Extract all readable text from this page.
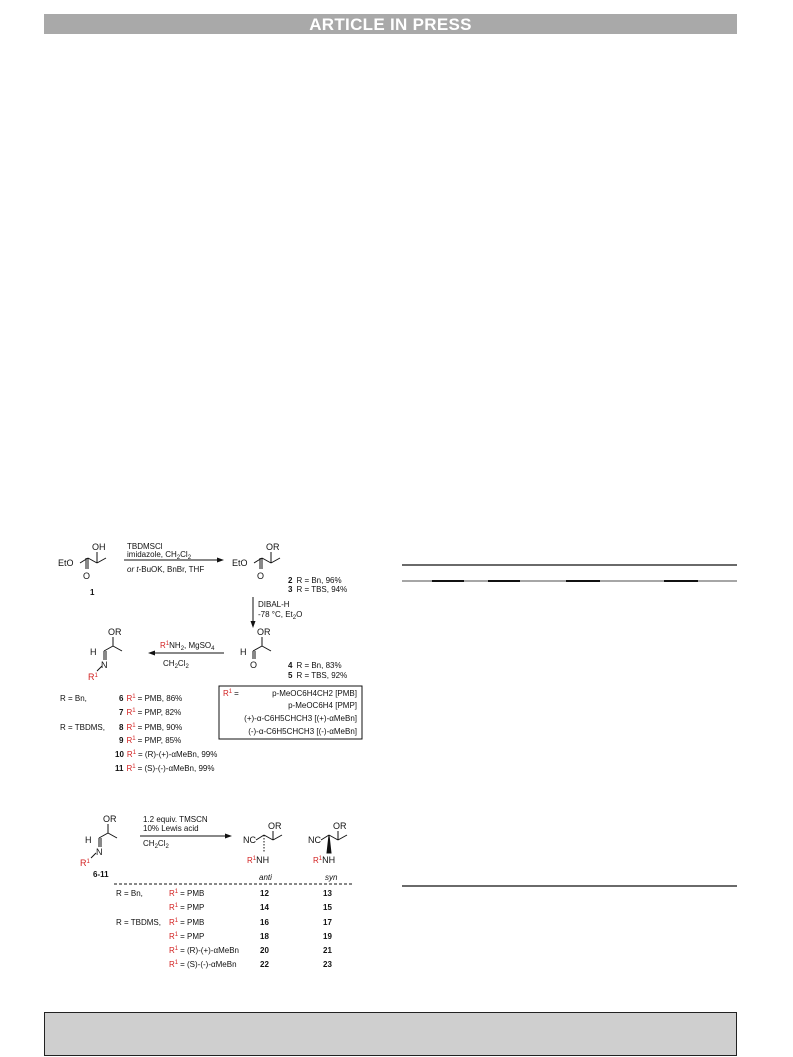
ARTICLE IN PRESS
OH
EtO
O
1
TBDMSCl
imidazole, $CH_2Cl_2$
or t-BuOK, BnBr, THF
OR
EtO
O	2 R = Bn, 96%
3 R = TBS, 94%
DIBAL-H
-78 °C, $Et_2O$
OR
H
O	4 R = Bn, 83%
5 R = TBS, 92%
$R^1NH_2$, MgSO$_4$
$CH_2Cl_2$
OR
H
N
$R^1$
$R^1$ =	p-MeOC6H4CH2 [PMB]
p-MeOC6H4 [PMP]
(+)-α-C6H5CHCH3 [(+)-αMeBn]
(-)-α-C6H5CHCH3 [(-)-αMeBn]
R = Bn,	6 $R^1$ = PMB, 86%
7 $R^1$ = PMP, 82%
R = TBDMS, 8 $R^1$ = PMB, 90%
9 $R^1$ = PMP, 85%
10 $R^1$ = (R)-(+)-αMeBn, 99%
11 $R^1$ = (S)-(-)-αMeBn, 99%
OR
H
N
$R^1$
6-11
1.2 equiv. TMSCN
10% Lewis acid
$CH_2Cl_2$
NC
OR
$R^1NH$
anti
NC
OR
$R^1NH$
syn
R = Bn,	$R^1$ = PMB	12	13
$R^1$ = PMP	14	15
R = TBDMS, $R^1$ = PMB	16	17
$R^1$ = PMP	18	19
$R^1$ = (R)-(+)-αMeBn	20	21
$R^1$ = (S)-(-)-αMeBn	22	23
